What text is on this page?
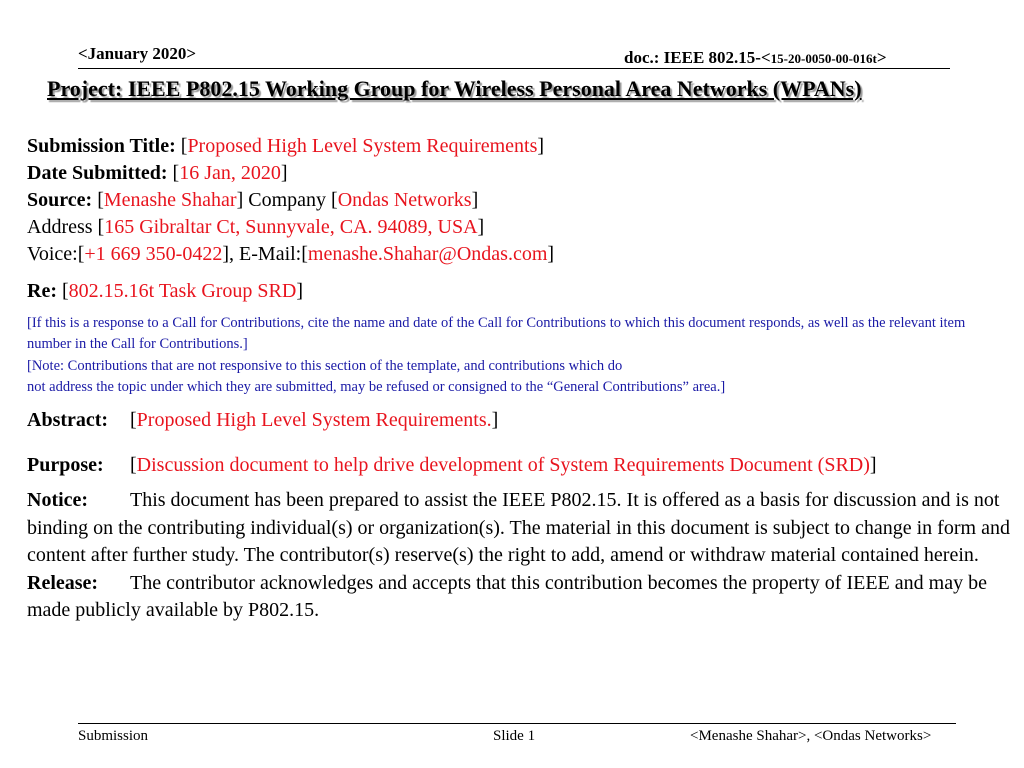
<January 2020>	doc.: IEEE 802.15-<15-20-0050-00-016t>
Project: IEEE P802.15 Working Group for Wireless Personal Area Networks (WPANs)
Submission Title: [Proposed High Level System Requirements]
Date Submitted: [16 Jan, 2020]
Source: [Menashe Shahar] Company [Ondas Networks]
Address [165 Gibraltar Ct, Sunnyvale, CA. 94089, USA]
Voice:[+1 669 350-0422], E-Mail:[menashe.Shahar@Ondas.com]
Re: [802.15.16t Task Group SRD]
[If this is a response to a Call for Contributions, cite the name and date of the Call for Contributions to which this document responds, as well as the relevant item number in the Call for Contributions.]
[Note: Contributions that are not responsive to this section of the template, and contributions which do
not address the topic under which they are submitted, may be refused or consigned to the “General Contributions” area.]
Abstract: [Proposed High Level System Requirements.]
Purpose: [Discussion document to help drive development of System Requirements Document (SRD)]
Notice: This document has been prepared to assist the IEEE P802.15. It is offered as a basis for discussion and is not binding on the contributing individual(s) or organization(s). The material in this document is subject to change in form and content after further study. The contributor(s) reserve(s) the right to add, amend or withdraw material contained herein.
Release: The contributor acknowledges and accepts that this contribution becomes the property of IEEE and may be made publicly available by P802.15.
Submission	Slide 1	<Menashe Shahar>, <Ondas Networks>
